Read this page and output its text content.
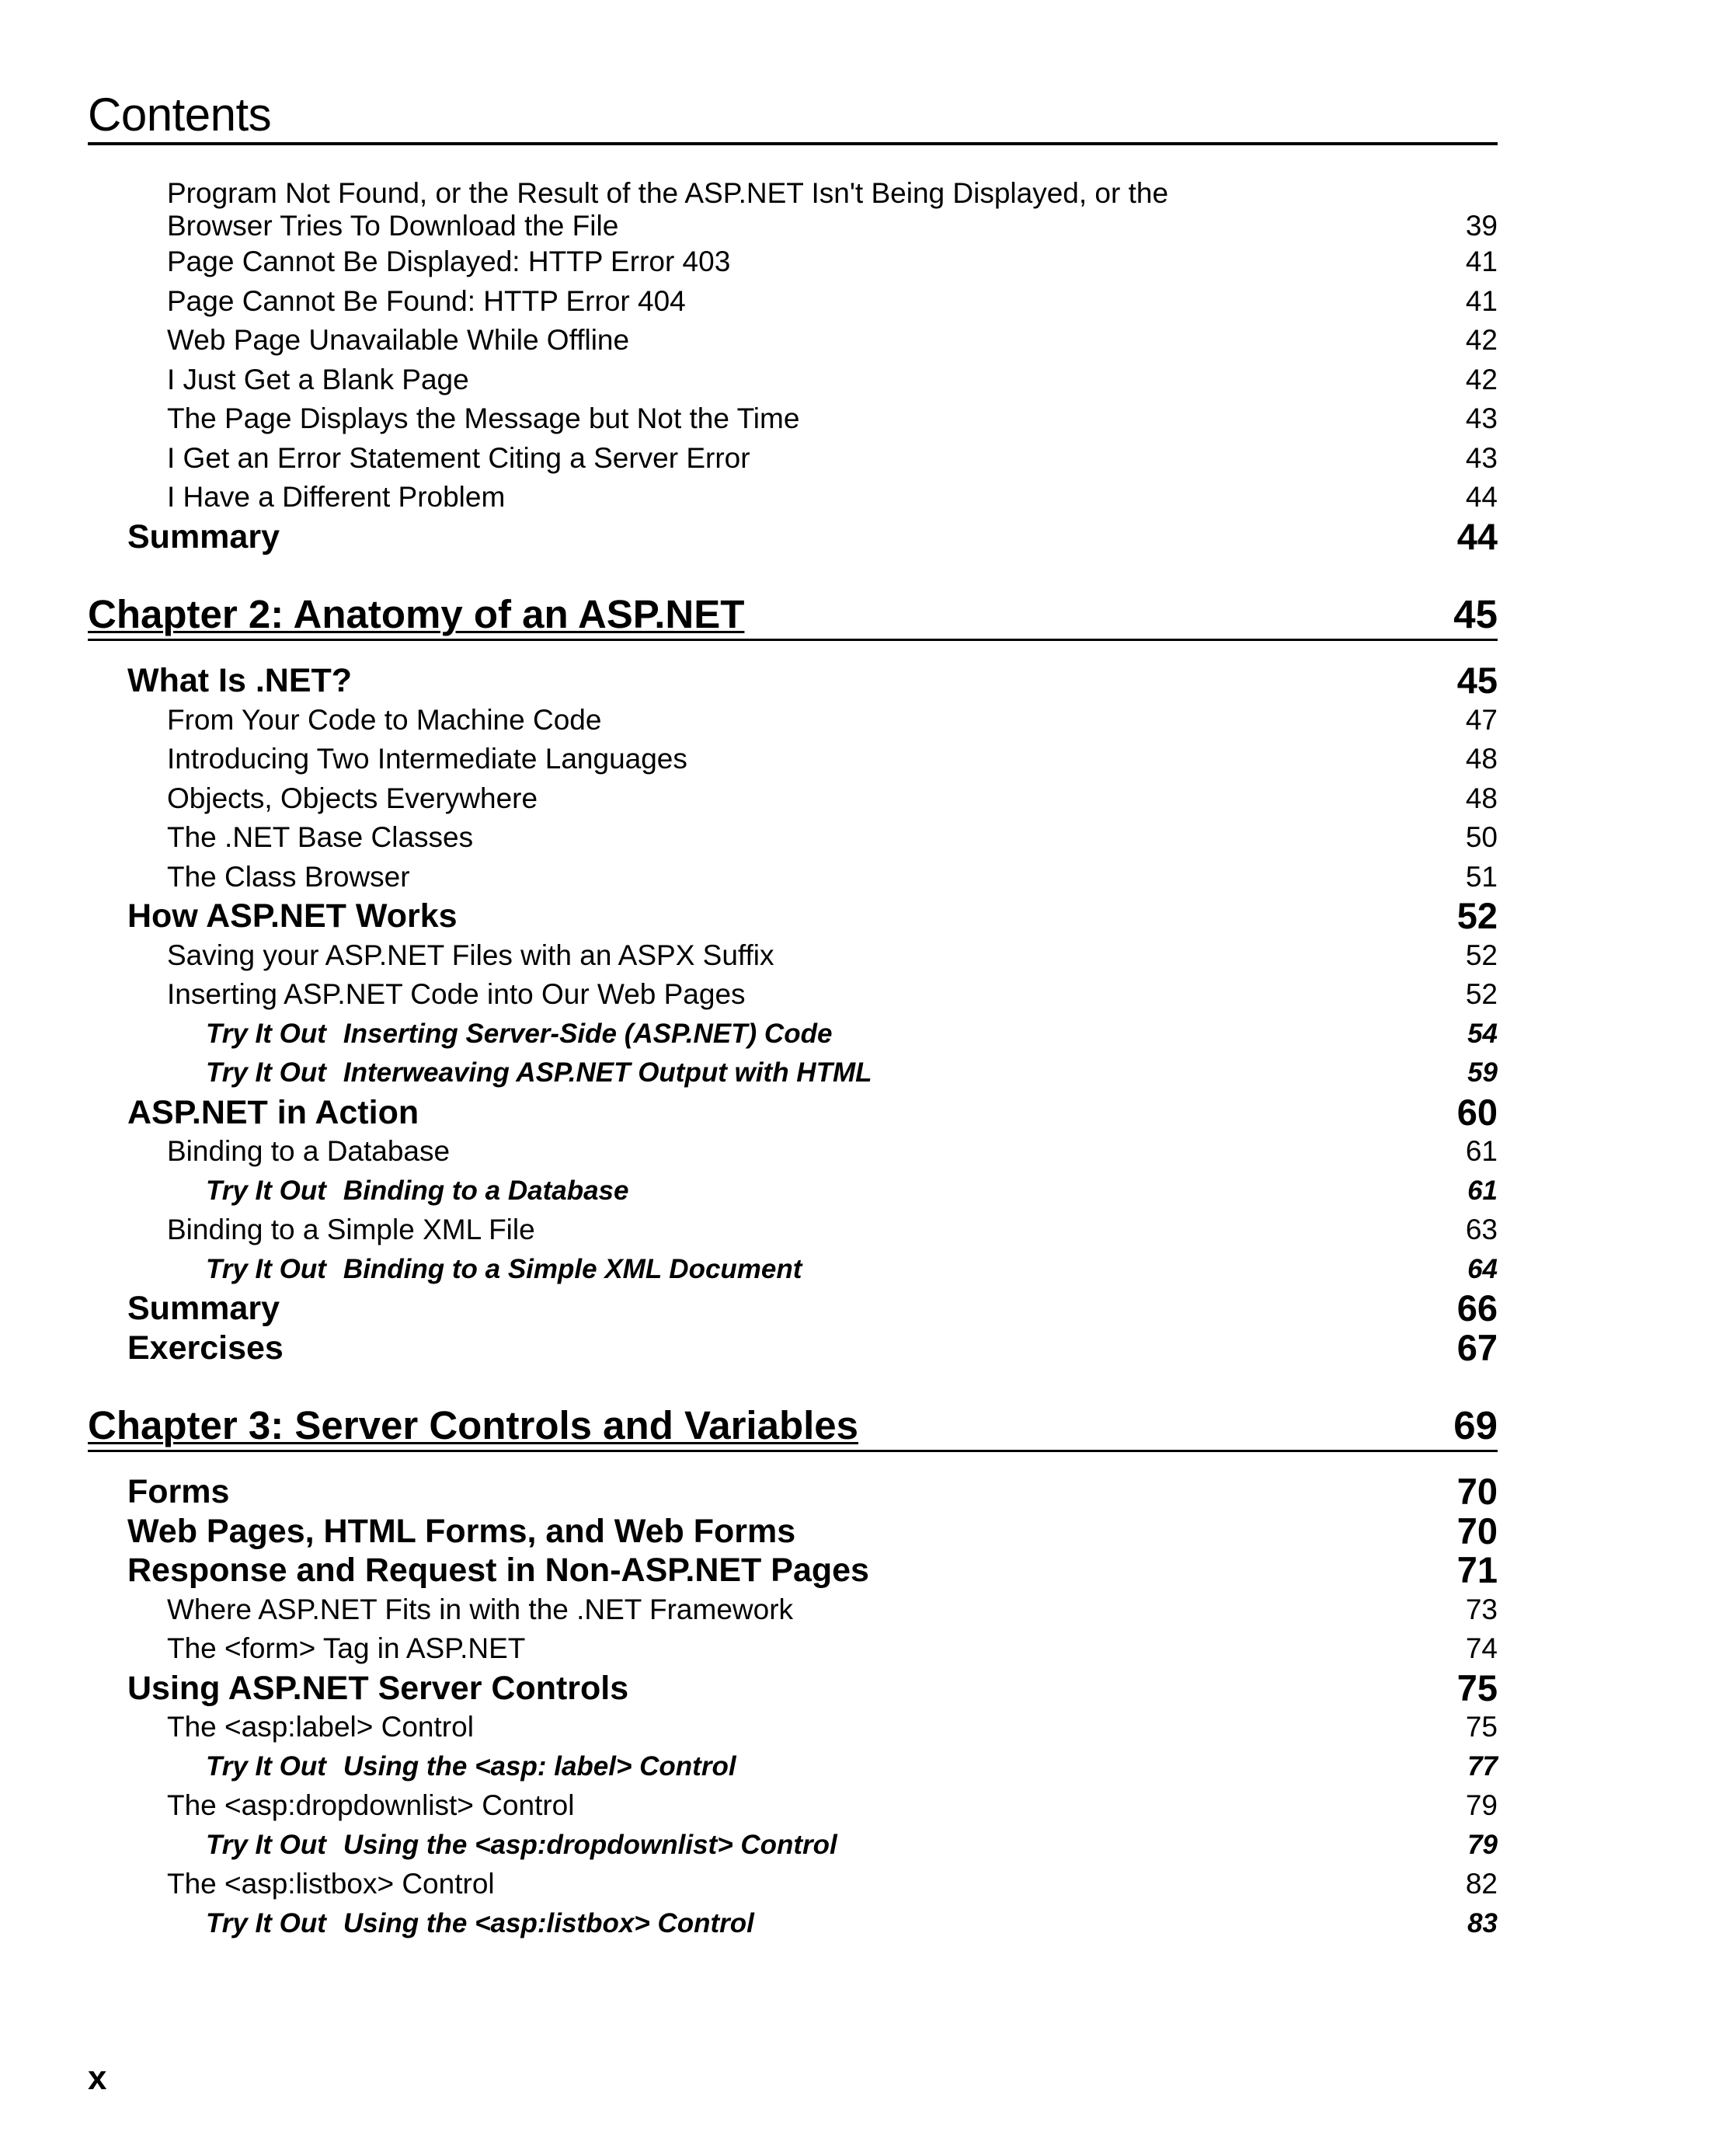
Contents
Program Not Found, or the Result of the ASP.NET Isn't Being Displayed, or the Browser Tries To Download the File	39
Page Cannot Be Displayed: HTTP Error 403	41
Page Cannot Be Found: HTTP Error 404	41
Web Page Unavailable While Offline	42
I Just Get a Blank Page	42
The Page Displays the Message but Not the Time	43
I Get an Error Statement Citing a Server Error	43
I Have a Different Problem	44
Summary	44
Chapter 2: Anatomy of an ASP.NET	45
What Is .NET?	45
From Your Code to Machine Code	47
Introducing Two Intermediate Languages	48
Objects, Objects Everywhere	48
The .NET Base Classes	50
The Class Browser	51
How ASP.NET Works	52
Saving your ASP.NET Files with an ASPX Suffix	52
Inserting ASP.NET Code into Our Web Pages	52
Try It Out Inserting Server-Side (ASP.NET) Code	54
Try It Out Interweaving ASP.NET Output with HTML	59
ASP.NET in Action	60
Binding to a Database	61
Try It Out Binding to a Database	61
Binding to a Simple XML File	63
Try It Out Binding to a Simple XML Document	64
Summary	66
Exercises	67
Chapter 3: Server Controls and Variables	69
Forms	70
Web Pages, HTML Forms, and Web Forms	70
Response and Request in Non-ASP.NET Pages	71
Where ASP.NET Fits in with the .NET Framework	73
The <form> Tag in ASP.NET	74
Using ASP.NET Server Controls	75
The <asp:label> Control	75
Try It Out Using the <asp: label> Control	77
The <asp:dropdownlist> Control	79
Try It Out Using the <asp:dropdownlist> Control	79
The <asp:listbox> Control	82
Try It Out Using the <asp:listbox> Control	83
x
